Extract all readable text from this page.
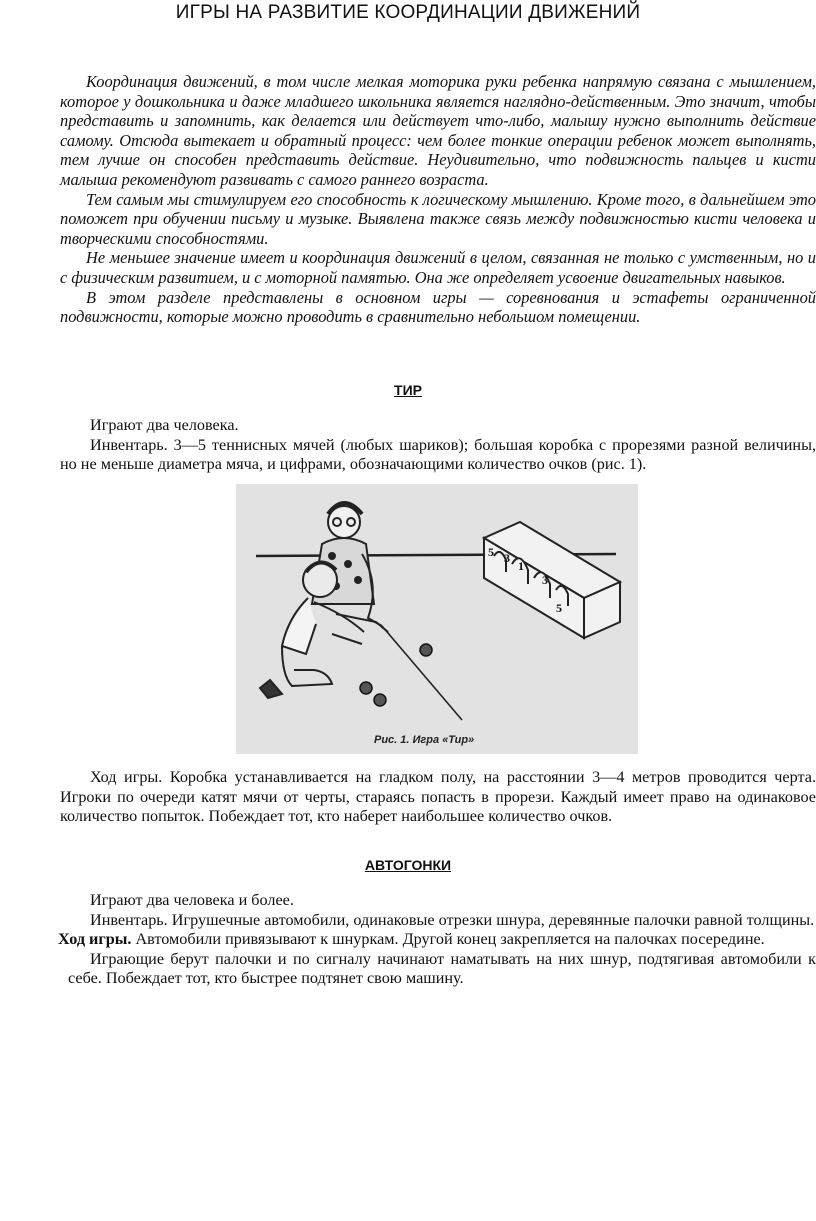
ИГРЫ НА РАЗВИТИЕ КООРДИНАЦИИ ДВИЖЕНИЙ

Координация движений, в том числе мелкая моторика руки ребенка напрямую связана с мышлением, которое у дошкольника и даже младшего школьника является наглядно-действенным. Это значит, чтобы представить и запомнить, как делается или действует что-либо, малышу нужно выполнить действие самому. Отсюда вытекает и обратный процесс: чем более тонкие операции ребенок может выполнять, тем лучше он способен представить действие. Неудивительно, что подвижность пальцев и кисти малыша рекомендуют развивать с самого раннего возраста.

Тем самым мы стимулируем его способность к логическому мышлению. Кроме того, в дальнейшем это поможет при обучении письму и музыке. Выявлена также связь между подвижностью кисти человека и творческими способностями.

Не меньшее значение имеет и координация движений в целом, связанная не только с умственным, но и с физическим развитием, и с моторной памятью. Она же определяет усвоение двигательных навыков.

В этом разделе представлены в основном игры — соревнования и эстафеты ограниченной подвижности, которые можно проводить в сравнительно небольшом помещении.

ТИР

Играют два человека.

Инвентарь. 3—5 теннисных мячей (любых шариков); большая коробка с прорезями разной величины, но не меньше диаметра мяча, и цифрами, обозначающими количество очков (рис. 1).

5 3
1
3
5
Рис. 1. Игра «Тир»

Ход игры. Коробка устанавливается на гладком полу, на расстоянии 3—4 метров проводится черта. Игроки по очереди катят мячи от черты, стараясь попасть в прорези. Каждый имеет право на одинаковое количество попыток. Побеждает тот, кто наберет наибольшее количество очков.

АВТОГОНКИ

Играют два человека и более.

Инвентарь. Игрушечные автомобили, одинаковые отрезки шнура, деревянные палочки равной толщины.

Ход игры. Автомобили привязывают к шнуркам. Другой конец закрепляется на палочках посередине.

Играющие берут палочки и по сигналу начинают наматывать на них шнур, подтягивая автомобили к себе. Побеждает тот, кто быстрее подтянет свою машину.
